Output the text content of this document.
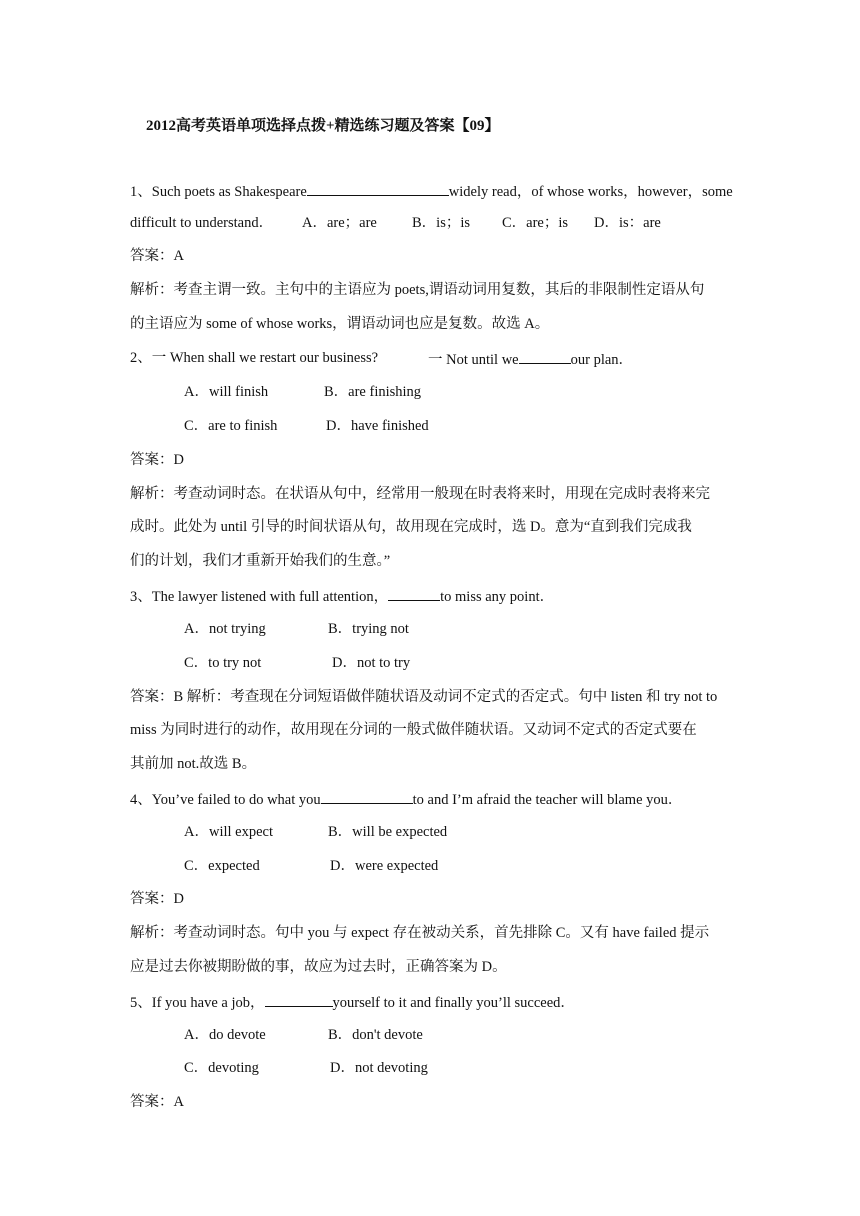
2012高考英语单项选择点拨+精选练习题及答案【09】
1、Such poets as Shakespeare	widely read，of whose works，however，some
difficult to understand．	A．are；are B．is；is C．are；is D．is：are
答案：A
解析：考查主谓一致。主句中的主语应为 poets,谓语动词用复数，其后的非限制性定语从句
的主语应为 some of whose works，谓语动词也应是复数。故选 A。
2、一 When shall we restart our business?	一 Not until we	our plan．
A．will finish	B．are finishing
C．are to finish	D．have finished
答案：D
解析：考查动词时态。在状语从句中，经常用一般现在时表将来时，用现在完成时表将来完
成时。此处为 until 引导的时间状语从句，故用现在完成时，选 D。意为“直到我们完成我
们的计划，我们才重新开始我们的生意。”
3、The lawyer listened with full attention，	to miss any point．
A．not trying	B．trying not
C．to try not	D．not to try
答案：B 解析：考查现在分词短语做伴随状语及动词不定式的否定式。句中 listen 和 try not to
miss 为同时进行的动作，故用现在分词的一般式做伴随状语。又动词不定式的否定式要在
其前加 not.故选 B。
4、You’ve failed to do what you	to and I’m afraid the teacher will blame you．
A．will expect	B．will be expected
C．expected	D．were expected
答案：D
解析：考查动词时态。句中 you 与 expect 存在被动关系，首先排除 C。又有 have failed 提示
应是过去你被期盼做的事，故应为过去时，正确答案为 D。
5、If you have a job，	yourself to it and finally you’ll succeed．
A．do devote	B．don't devote
C．devoting	D．not devoting
答案：A
